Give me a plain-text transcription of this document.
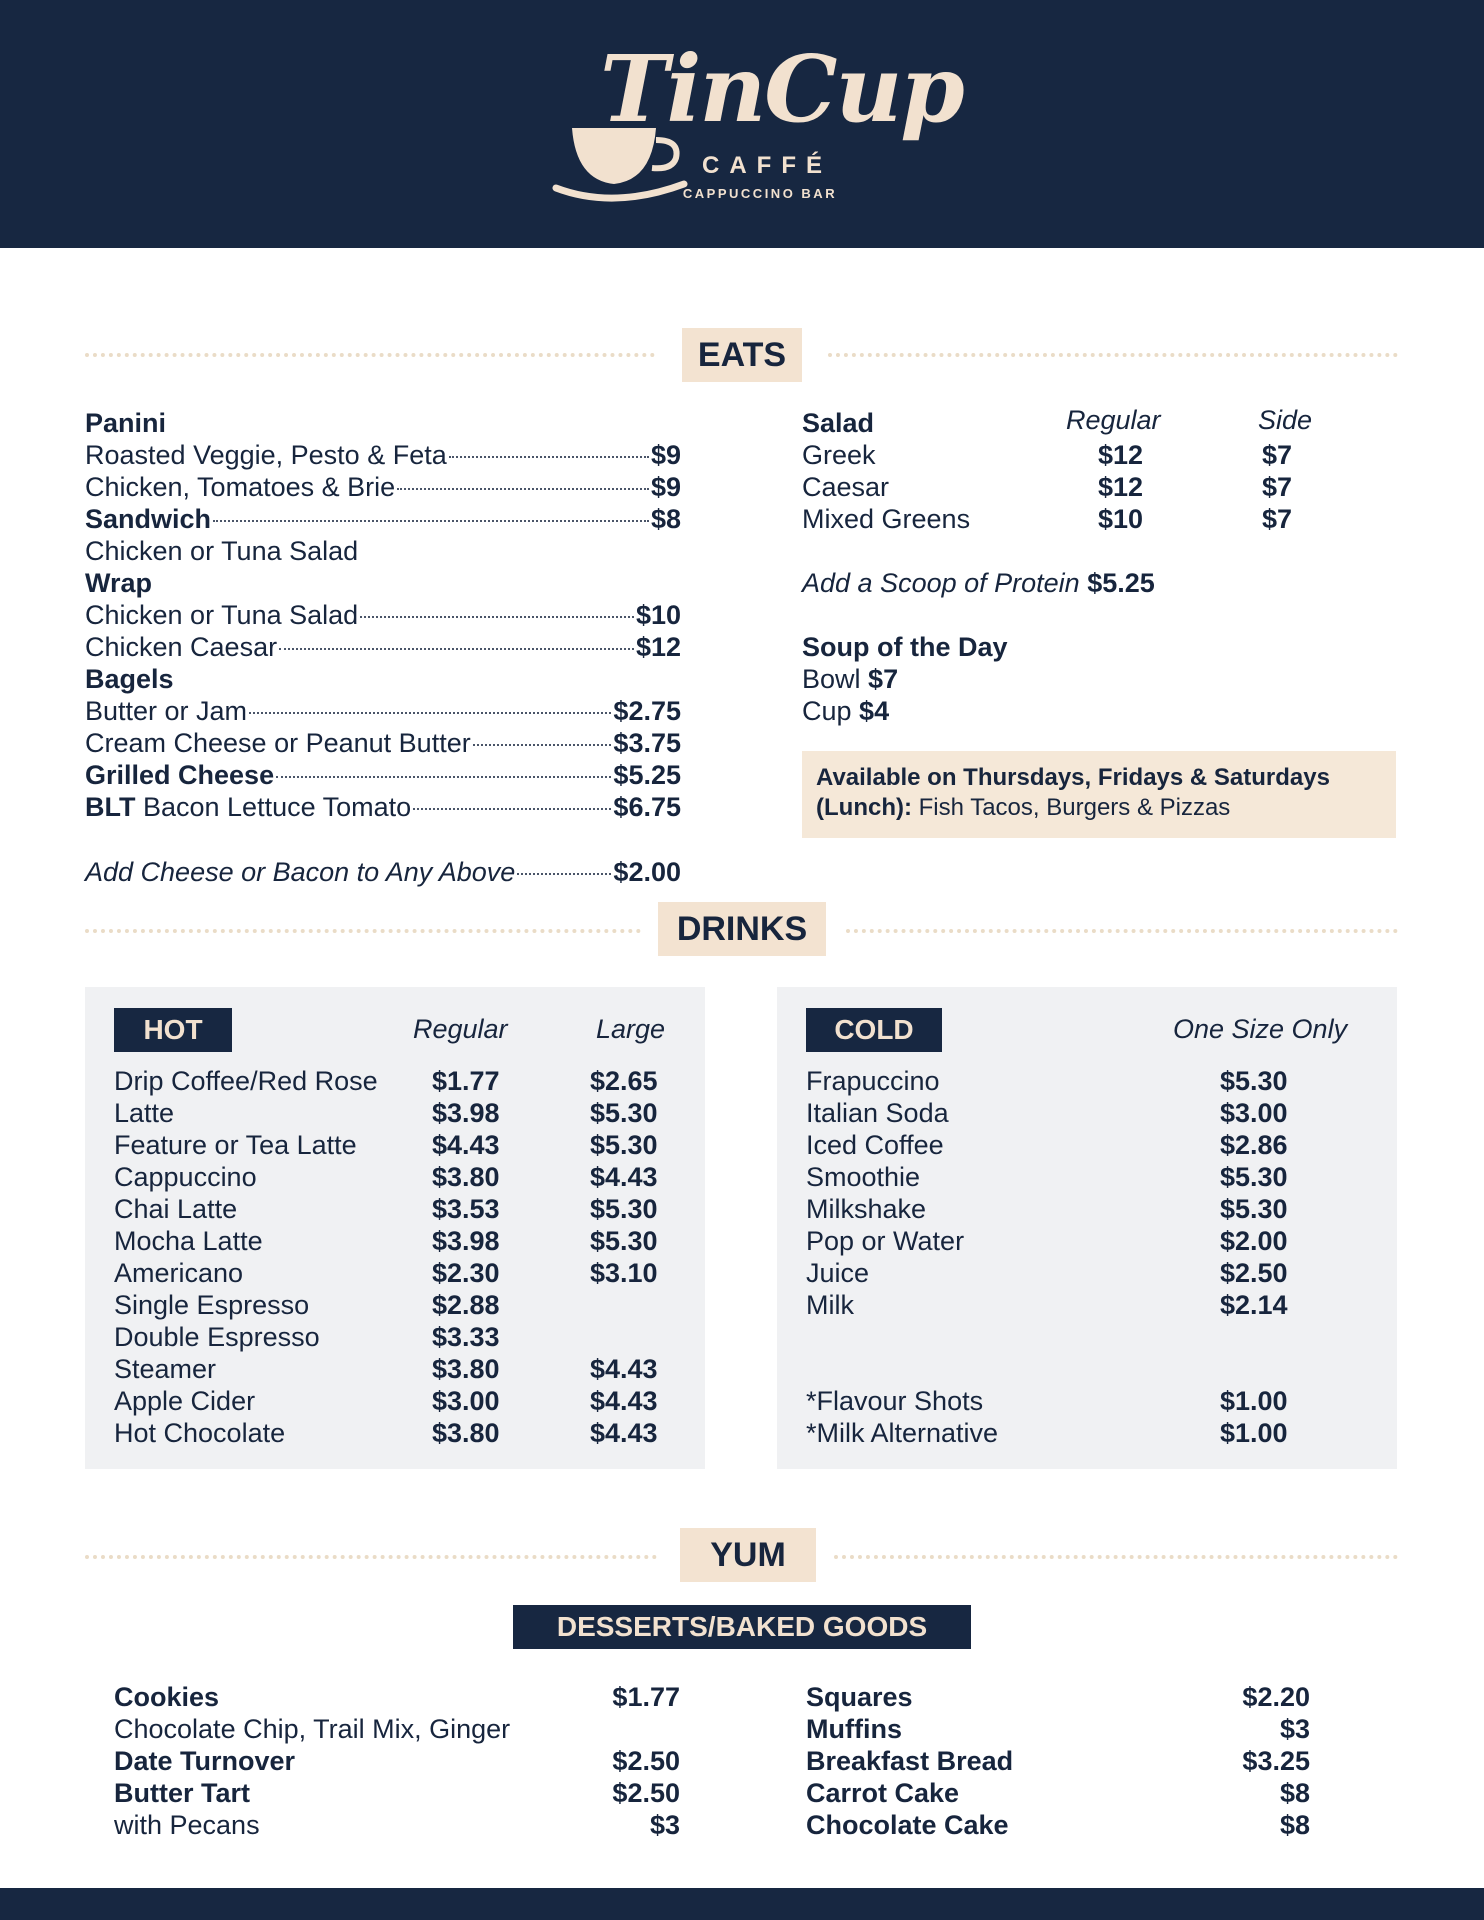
TinCup
CAFFÉ
CAPPUCCINO BAR
EATS
Panini
Roasted Veggie, Pesto & Feta	$9
Chicken, Tomatoes & Brie	$9
Sandwich	$8
Chicken or Tuna Salad
Wrap
Chicken or Tuna Salad	$10
Chicken Caesar	$12
Bagels
Butter or Jam	$2.75
Cream Cheese or Peanut Butter	$3.75
Grilled Cheese	$5.25
BLT Bacon Lettuce Tomato	$6.75
Add Cheese or Bacon to Any Above	$2.00
Salad	Regular	Side
Greek	$12	$7
Caesar	$12	$7
Mixed Greens	$10	$7
Add a Scoop of Protein $5.25
Soup of the Day
Bowl $7
Cup $4

Available on Thursdays, Fridays & Saturdays (Lunch): Fish Tacos, Burgers & Pizzas

DRINKS
HOT	Regular	Large
Drip Coffee/Red Rose $1.77	$2.65
Latte	$3.98	$5.30
Feature or Tea Latte	$4.43	$5.30
Cappuccino	$3.80	$4.43
Chai Latte	$3.53	$5.30
Mocha Latte	$3.98	$5.30
Americano	$2.30	$3.10
Single Espresso	$2.88
Double Espresso	$3.33
Steamer	$3.80	$4.43
Apple Cider	$3.00	$4.43
Hot Chocolate	$3.80	$4.43
COLD	One Size Only
Frapuccino	$5.30
Italian Soda	$3.00
Iced Coffee	$2.86
Smoothie	$5.30
Milkshake	$5.30
Pop or Water	$2.00
Juice	$2.50
Milk	$2.14
*Flavour Shots	$1.00
*Milk Alternative	$1.00
YUM
DESSERTS/BAKED GOODS
Cookies	$1.77
Chocolate Chip, Trail Mix, Ginger
Date Turnover	$2.50
Butter Tart	$2.50
with Pecans	$3
Squares	$2.20
Muffins	$3
Breakfast Bread	$3.25
Carrot Cake	$8
Chocolate Cake	$8
